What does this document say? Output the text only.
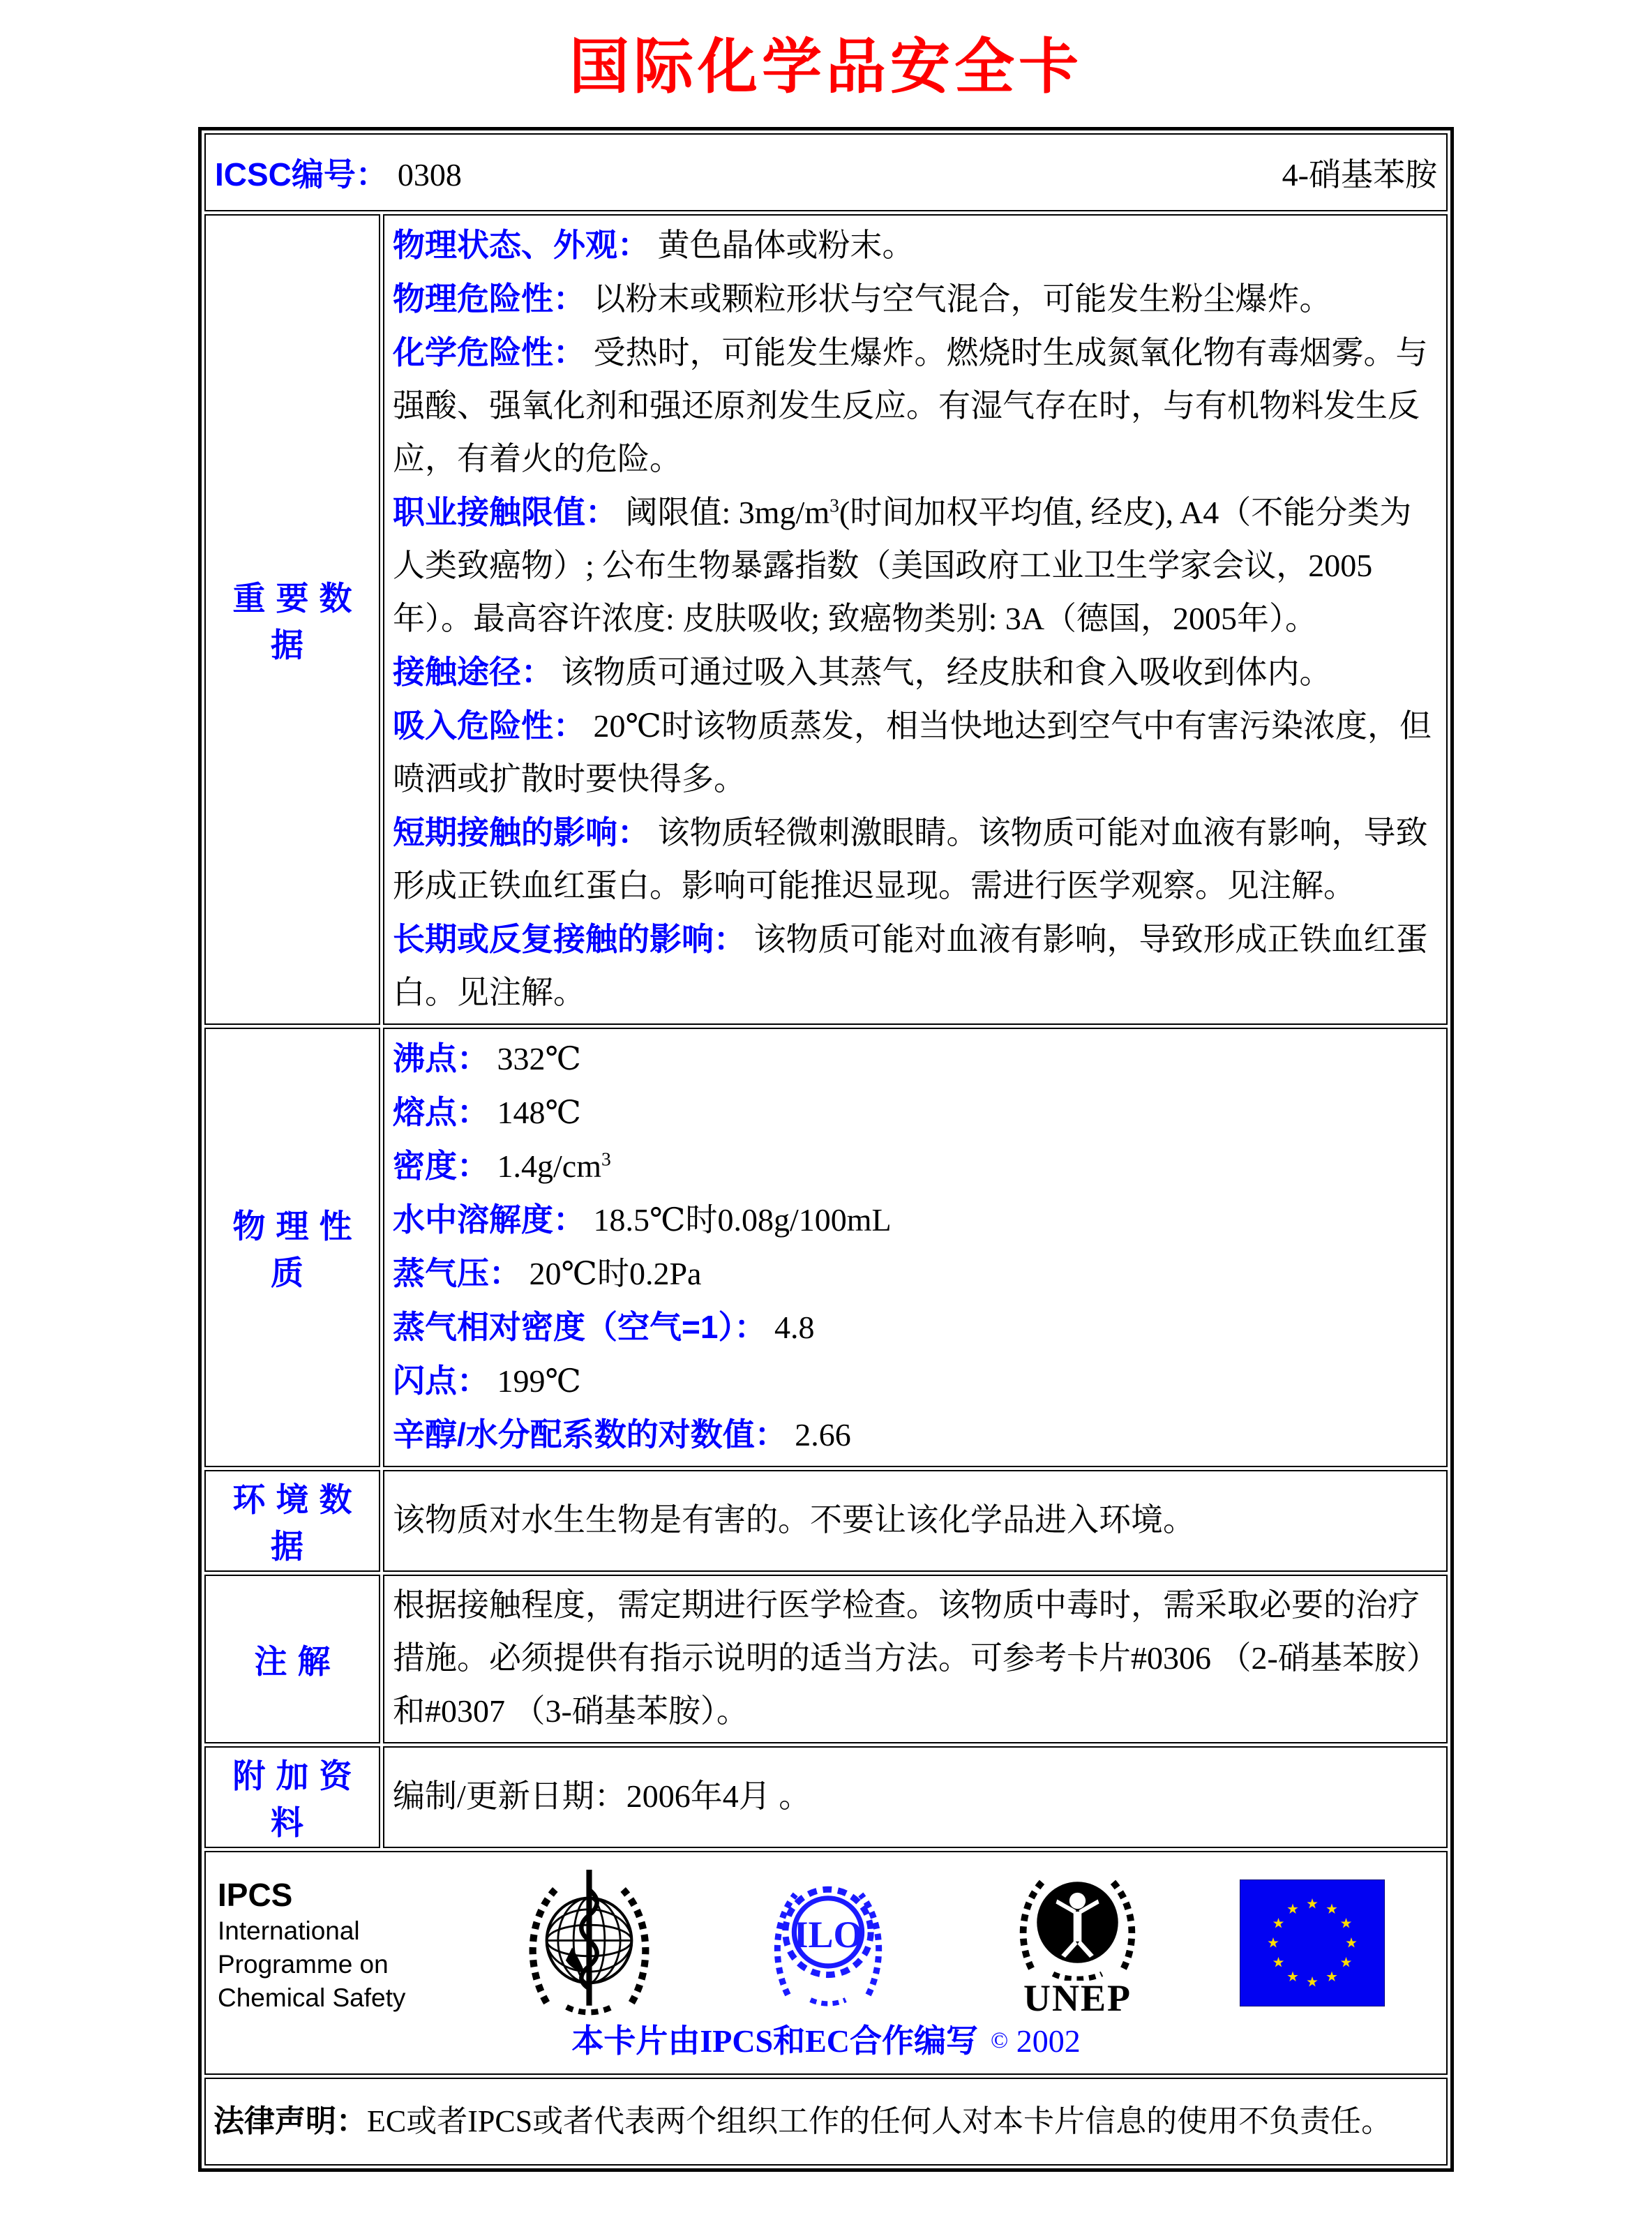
国际化学品安全卡
ICSC编号： 0308 4-硝基苯胺	

重要数据	
物理状态、外观： 黄色晶体或粉末。
物理危险性： 以粉末或颗粒形状与空气混合，可能发生粉尘爆炸。
化学危险性： 受热时，可能发生爆炸。燃烧时生成氮氧化物有毒烟雾。与强酸、强氧化剂和强还原剂发生反应。有湿气存在时，与有机物料发生反应，有着火的危险。
职业接触限值： 阈限值: $3mg/m^3$(时间加权平均值, 经皮), A4（不能分类为人类致癌物）; 公布生物暴露指数（美国政府工业卫生学家会议，2005年）。最高容许浓度: 皮肤吸收; 致癌物类别: 3A（德国，2005年）。
接触途径： 该物质可通过吸入其蒸气，经皮肤和食入吸收到体内。
吸入危险性： 20℃时该物质蒸发，相当快地达到空气中有害污染浓度，但喷洒或扩散时要快得多。
短期接触的影响： 该物质轻微刺激眼睛。该物质可能对血液有影响，导致形成正铁血红蛋白。影响可能推迟显现。需进行医学观察。见注解。
长期或反复接触的影响： 该物质可能对血液有影响，导致形成正铁血红蛋白。见注解。

物理性质	
沸点： 332℃
熔点： 148℃
密度： $1.4g/cm^3$
水中溶解度： 18.5℃时0.08g/100mL
蒸气压： 20℃时0.2Pa
蒸气相对密度（空气=1）： 4.8
闪点： 199℃
辛醇/水分配系数的对数值： 2.66

环境数据	该物质对水生生物是有害的。不要让该化学品进入环境。

注解	根据接触程度，需定期进行医学检查。该物质中毒时，需采取必要的治疗措施。必须提供有指示说明的适当方法。可参考卡片#0306 （2-硝基苯胺）和#0307 （3-硝基苯胺）。

附加资料	编制/更新日期：2006年4月 。

IPCS
International
Programme on
Chemical Safety
ILO
UNEP
本卡片由IPCS和EC合作编写 © 2002

法律声明：EC或者IPCS或者代表两个组织工作的任何人对本卡片信息的使用不负责任。	
